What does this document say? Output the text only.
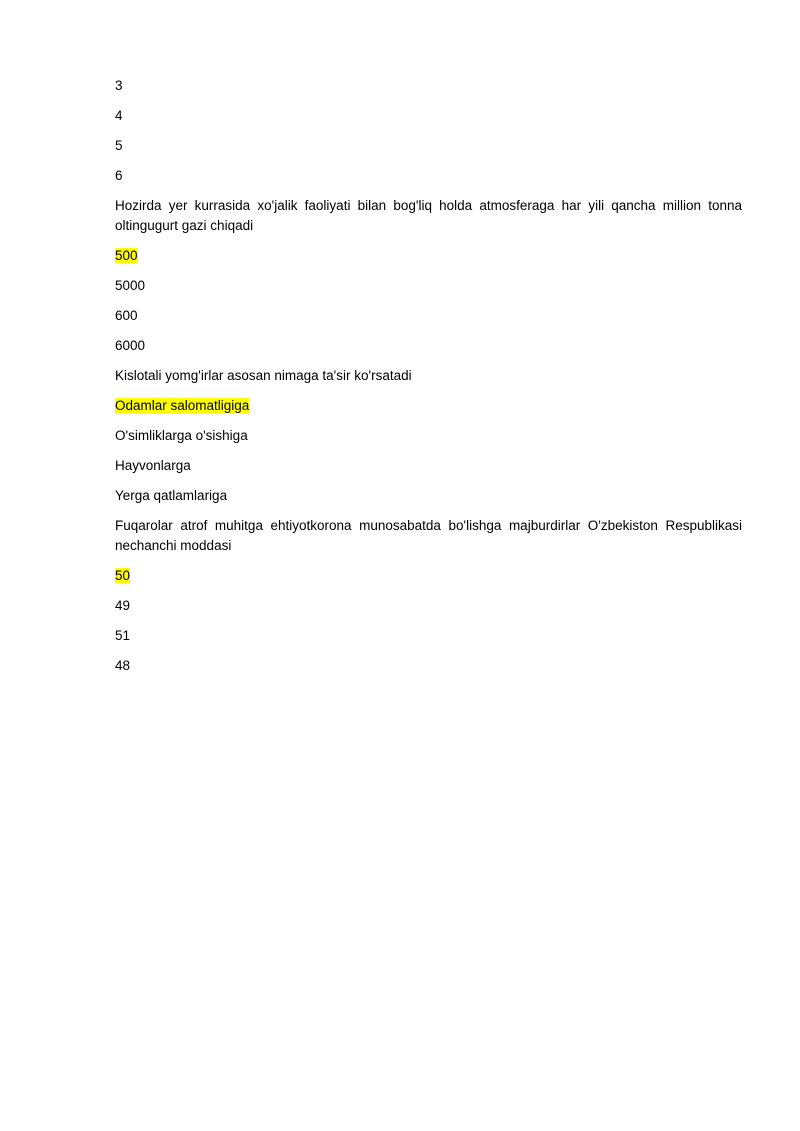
3

4

5

6

Hozirda yer kurrasida xo'jalik faoliyati bilan bog'liq holda atmosferaga har yili qancha million tonna oltingugurt gazi chiqadi

500

5000

600

6000

Kislotali yomg'irlar asosan nimaga ta'sir ko'rsatadi

Odamlar salomatligiga

O'simliklarga o'sishiga

Hayvonlarga

Yerga qatlamlariga

Fuqarolar atrof muhitga ehtiyotkorona munosabatda bo'lishga majburdirlar O'zbekiston Respublikasi nechanchi moddasi

50

49

51

48
